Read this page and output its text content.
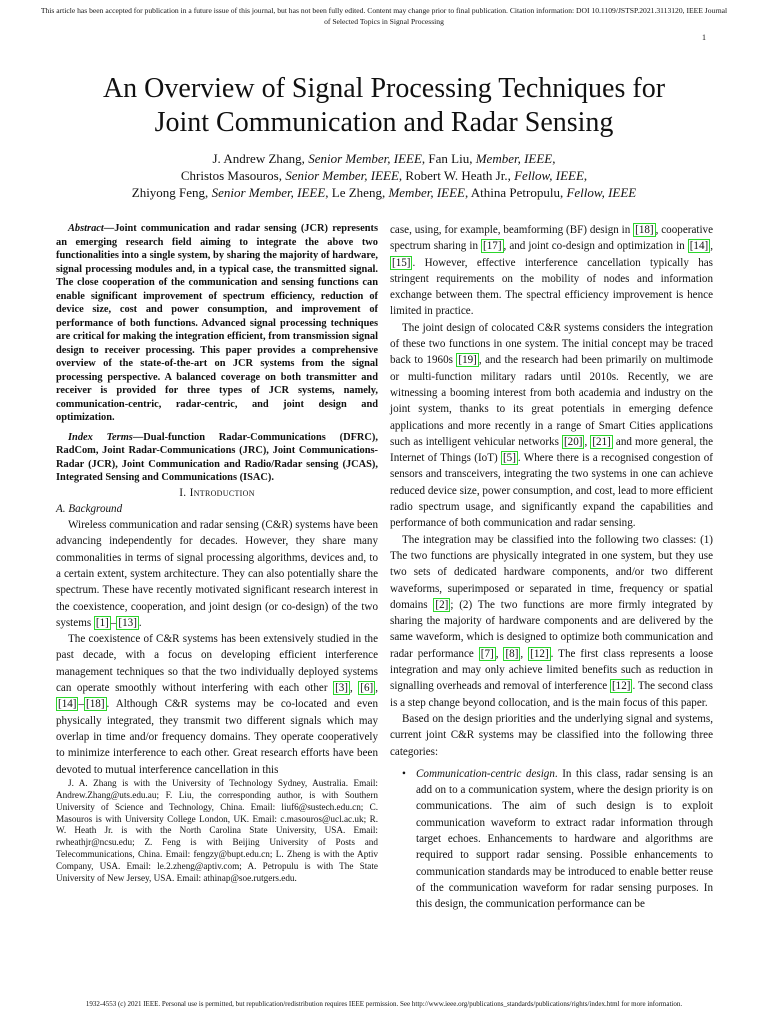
This article has been accepted for publication in a future issue of this journal, but has not been fully edited. Content may change prior to final publication. Citation information: DOI 10.1109/JSTSP.2021.3113120, IEEE Journal
of Selected Topics in Signal Processing
1
An Overview of Signal Processing Techniques for
Joint Communication and Radar Sensing
J. Andrew Zhang, Senior Member, IEEE, Fan Liu, Member, IEEE,
Christos Masouros, Senior Member, IEEE, Robert W. Heath Jr., Fellow, IEEE,
Zhiyong Feng, Senior Member, IEEE, Le Zheng, Member, IEEE, Athina Petropulu, Fellow, IEEE

Abstract—Joint communication and radar sensing (JCR) represents an emerging research field aiming to integrate the above two functionalities into a single system, by sharing the majority of hardware, signal processing modules and, in a typical case, the transmitted signal. The close cooperation of the communication and sensing functions can enable significant improvement of spectrum efficiency, reduction of device size, cost and power consumption, and improvement of performance of both functions. Advanced signal processing techniques are critical for making the integration efficient, from transmission signal design to receiver processing. This paper provides a comprehensive overview of the state-of-the-art on JCR systems from the signal processing perspective. A balanced coverage on both transmitter and receiver is provided for three types of JCR systems, namely, communication-centric, radar-centric, and joint design and optimization.

Index Terms—Dual-function Radar-Communications (DFRC), RadCom, Joint Radar-Communications (JRC), Joint Communications-Radar (JCR), Joint Communication and Radio/Radar sensing (JCAS), Integrated Sensing and Communications (ISAC).

I. Introduction

A. Background

Wireless communication and radar sensing (C&R) systems have been advancing independently for decades. However, they share many commonalities in terms of signal processing algorithms, devices and, to a certain extent, system architecture. They can also potentially share the spectrum. These have recently motivated significant research interest in the coexistence, cooperation, and joint design (or co-design) of the two systems [1] – [13] .

The coexistence of C&R systems has been extensively studied in the past decade, with a focus on developing efficient interference management techniques so that the two individually deployed systems can operate smoothly without interfering with each other [3] , [6] , [14] – [18] . Although C&R systems may be co-located and even physically integrated, they transmit two different signals which may overlap in time and/or frequency domains. They operate cooperatively to minimize interference to each other. Great research efforts have been devoted to mutual interference cancellation in this

J. A. Zhang is with the University of Technology Sydney, Australia. Email: Andrew.Zhang@uts.edu.au; F. Liu, the corresponding author, is with Southern University of Science and Technology, China. Email: liuf6@sustech.edu.cn; C. Masouros is with University College London, UK. Email: c.masouros@ucl.ac.uk; R. W. Heath Jr. is with the North Carolina State University, USA. Email: rwheathjr@ncsu.edu; Z. Feng is with Beijing University of Posts and Telecommunications, China. Email: fengzy@bupt.edu.cn; L. Zheng is with the Aptiv Company, USA. Email: le.2.zheng@aptiv.com; A. Petropulu is with The State University of New Jersey, USA. Email: athinap@soe.rutgers.edu.

case, using, for example, beamforming (BF) design in [18] , cooperative spectrum sharing in [17] , and joint co-design and optimization in [14] , [15] . However, effective interference cancellation typically has stringent requirements on the mobility of nodes and information exchange between them. The spectral efficiency improvement is hence limited in practice.

The joint design of colocated C&R systems considers the integration of these two functions in one system. The initial concept may be traced back to 1960s [19] , and the research had been primarily on multimode or multi-function military radars until 2010s. Recently, we are witnessing a booming interest from both academia and industry on the joint system, thanks to its great potentials in emerging defence applications and more recently in a range of Smart Cities applications such as intelligent vehicular networks [20] , [21] and more general, the Internet of Things (IoT) [5] . Where there is a recognised congestion of sensors and transceivers, integrating the two systems in one can achieve reduced device size, power consumption, and cost, lead to more efficient radio spectrum usage, and significantly expand the capabilities and performance of both communication and radar sensing.

The integration may be classified into the following two classes: (1) The two functions are physically integrated in one system, but they use two sets of dedicated hardware components, and/or two different waveforms, superimposed or separated in time, frequency or spatial domains [2] ; (2) The two functions are more firmly integrated by sharing the majority of hardware components and are delivered by the same waveform, which is designed to optimize both communication and radar performance [7] , [8] , [12] . The first class represents a loose integration and may only achieve limited benefits such as reduction in signalling overheads and removal of interference [12] . The second class is a step change beyond collocation, and is the main focus of this paper.

Based on the design priorities and the underlying signal and systems, current joint C&R systems may be classified into the following three categories:

• Communication-centric design. In this class, radar sensing is an add on to a communication system, where the design priority is on communications. The aim of such design is to exploit communication waveform to extract radar information through target echoes. Enhancements to hardware and algorithms are required to support radar sensing. Possible enhancements to communication standards may be introduced to enable better reuse of the communication waveform for radar sensing purposes. In this design, the communication performance can be
1932-4553 (c) 2021 IEEE. Personal use is permitted, but republication/redistribution requires IEEE permission. See http://www.ieee.org/publications_standards/publications/rights/index.html for more information.
